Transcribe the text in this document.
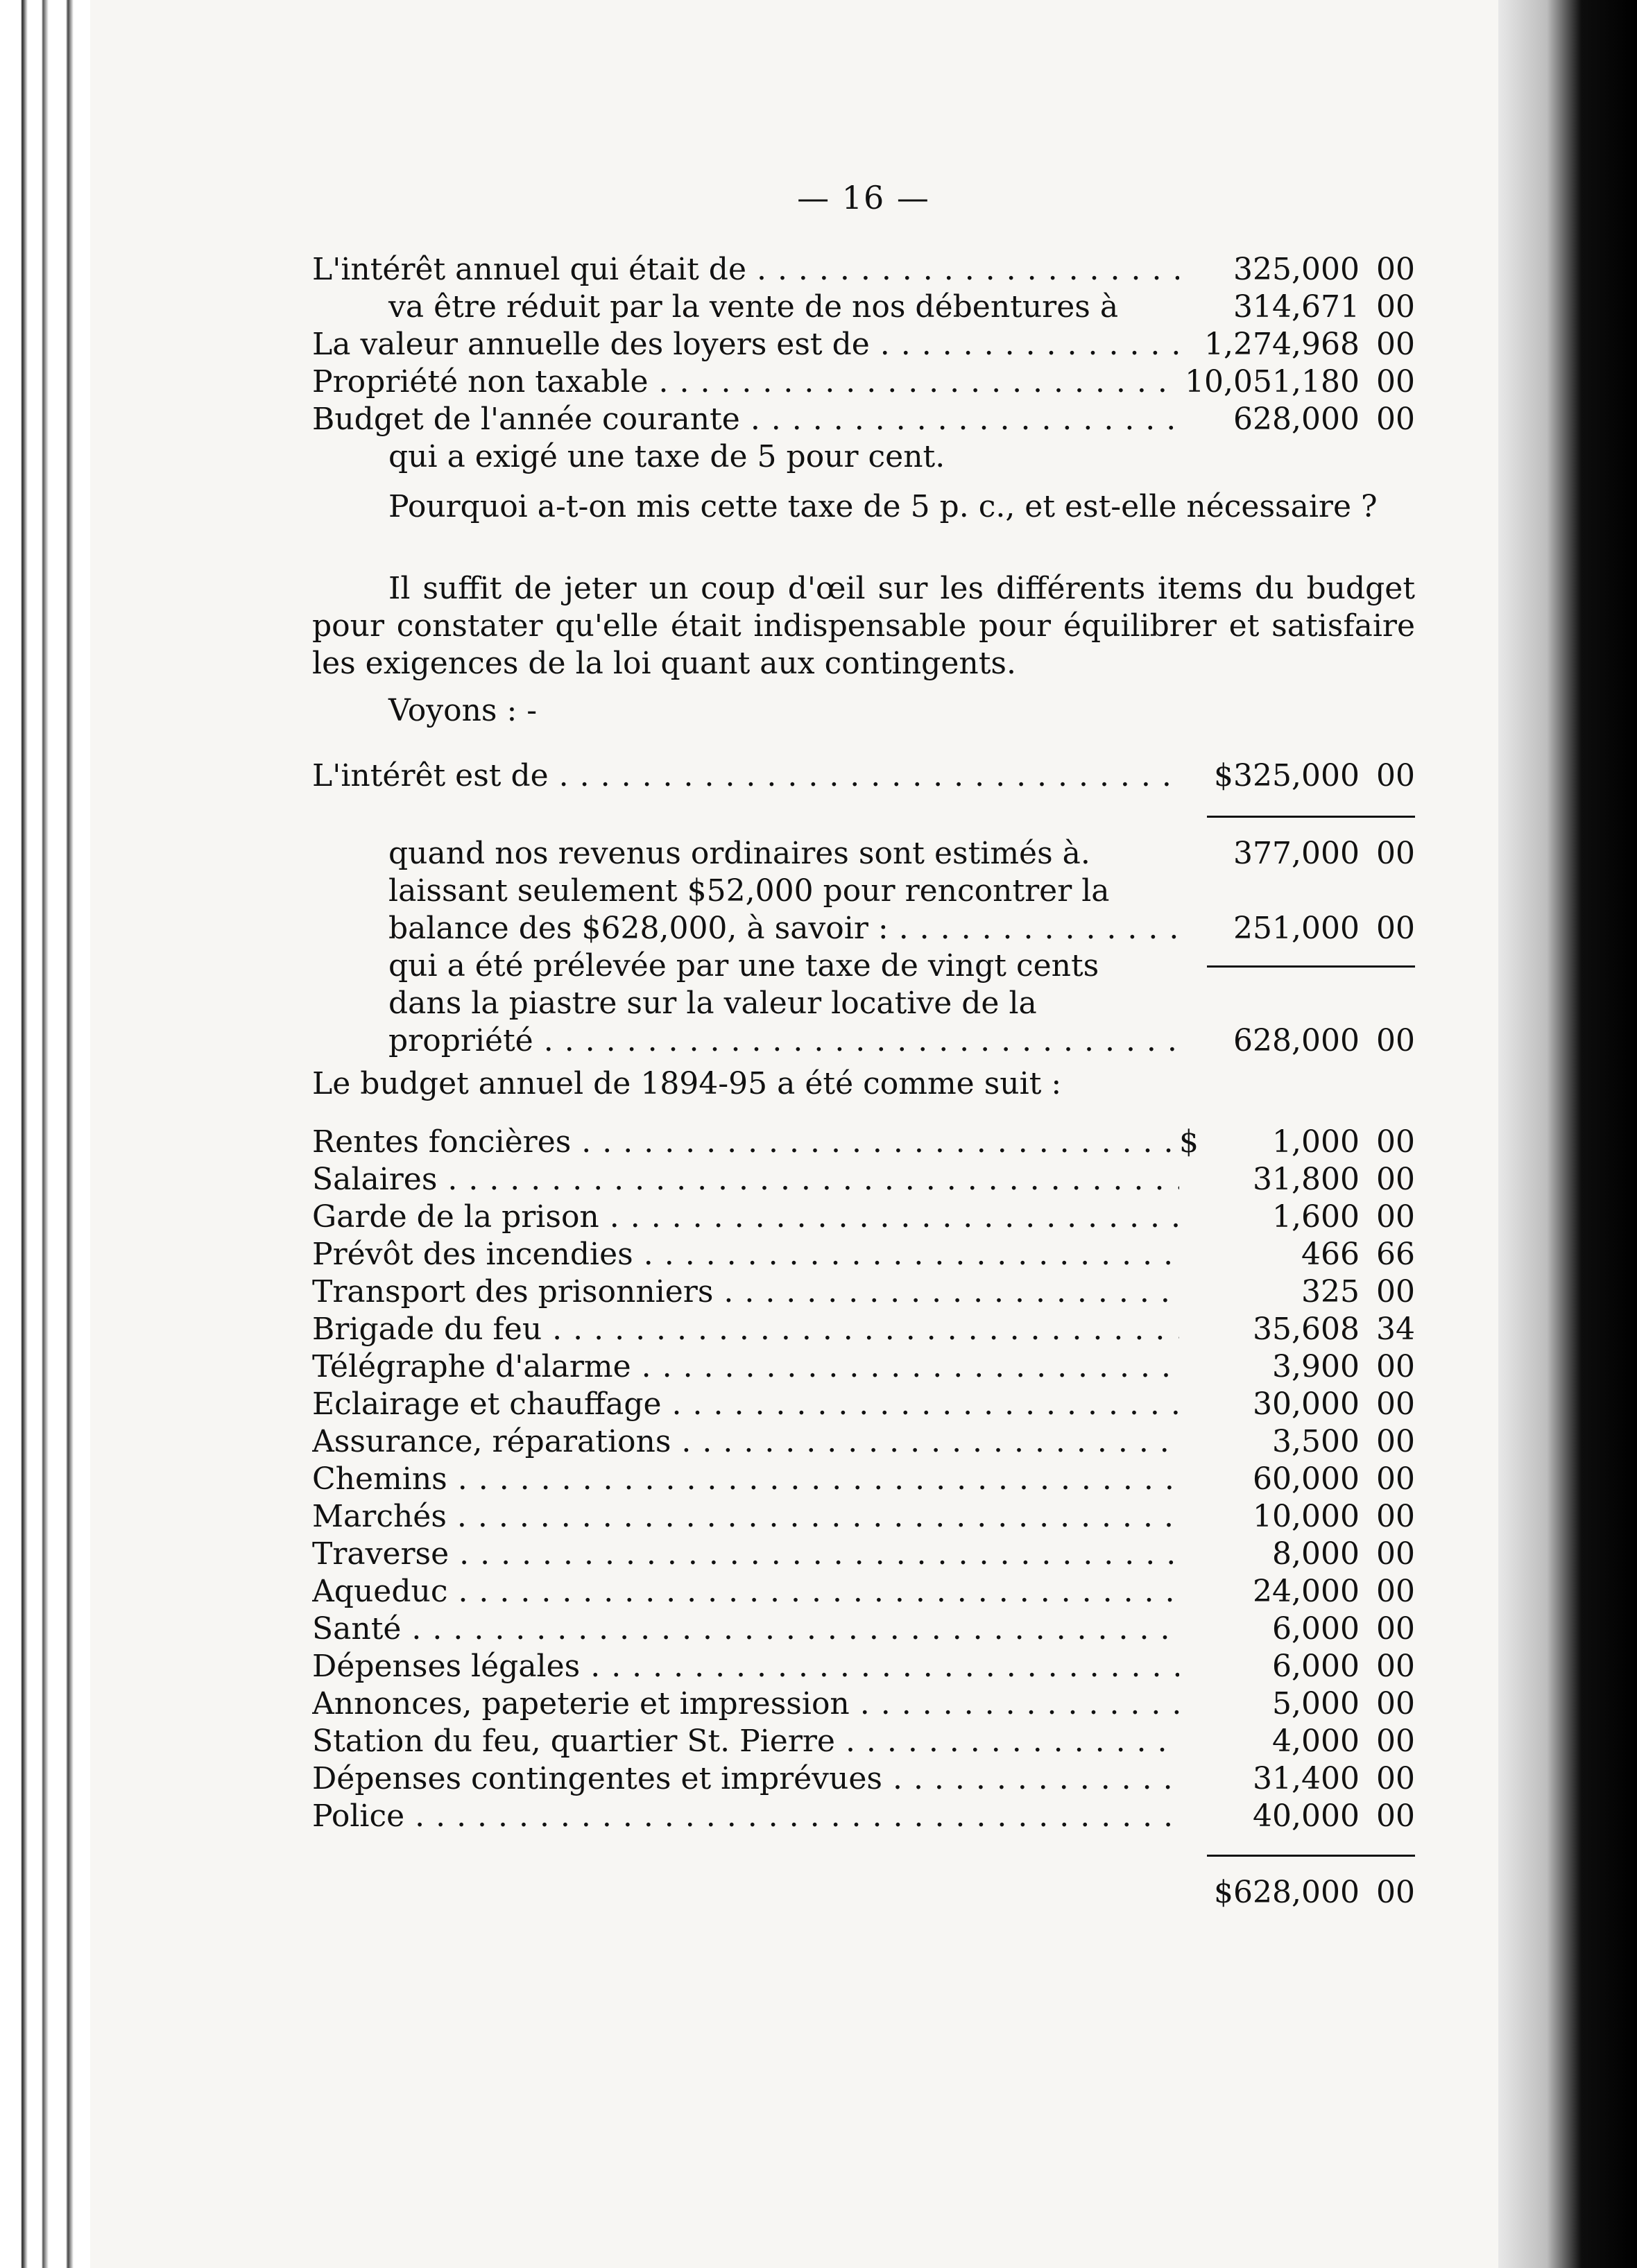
— 16 —
L'intérêt annuel qui était de . . .	325,000 00
va être réduit par la vente de nos débentures à	314,671 00
La valeur annuelle des loyers est de . . .	1,274,968 00
Propriété non taxable . . .	10,051,180 00
Budget de l'année courante . . .	628,000 00
qui a exigé une taxe de 5 pour cent.
Pourquoi a-t-on mis cette taxe de 5 p. c., et est-elle nécessaire ?
Il suffit de jeter un coup d'œil sur les différents items du budget pour constater qu'elle était indispensable pour équilibrer et satisfaire les exigences de la loi quant aux contingents.
Voyons : -
L'intérêt est de . . .	$325,000 00
quand nos revenus ordinaires sont estimés à.	377,000 00
laissant seulement $52,000 pour rencontrer la
balance des $628,000, à savoir : . . .	251,000 00
qui a été prélevée par une taxe de vingt cents
dans la piastre sur la valeur locative de la
propriété . . .	628,000 00
Le budget annuel de 1894-95 a été comme suit :
Rentes foncières . . .	$	1,000 00
Salaires . . .	31,800 00
Garde de la prison . . .	1,600 00
Prévôt des incendies . . .	466 66
Transport des prisonniers . . .	325 00
Brigade du feu . . .	35,608 34
Télégraphe d'alarme . . .	3,900 00
Eclairage et chauffage . . .	30,000 00
Assurance, réparations . . .	3,500 00
Chemins . . .	60,000 00
Marchés . . .	10,000 00
Traverse . . .	8,000 00
Aqueduc . . .	24,000 00
Santé . . .	6,000 00
Dépenses légales . . .	6,000 00
Annonces, papeterie et impression . . .	5,000 00
Station du feu, quartier St. Pierre . . .	4,000 00
Dépenses contingentes et imprévues . . .	31,400 00
Police . . .	40,000 00
$628,000 00
